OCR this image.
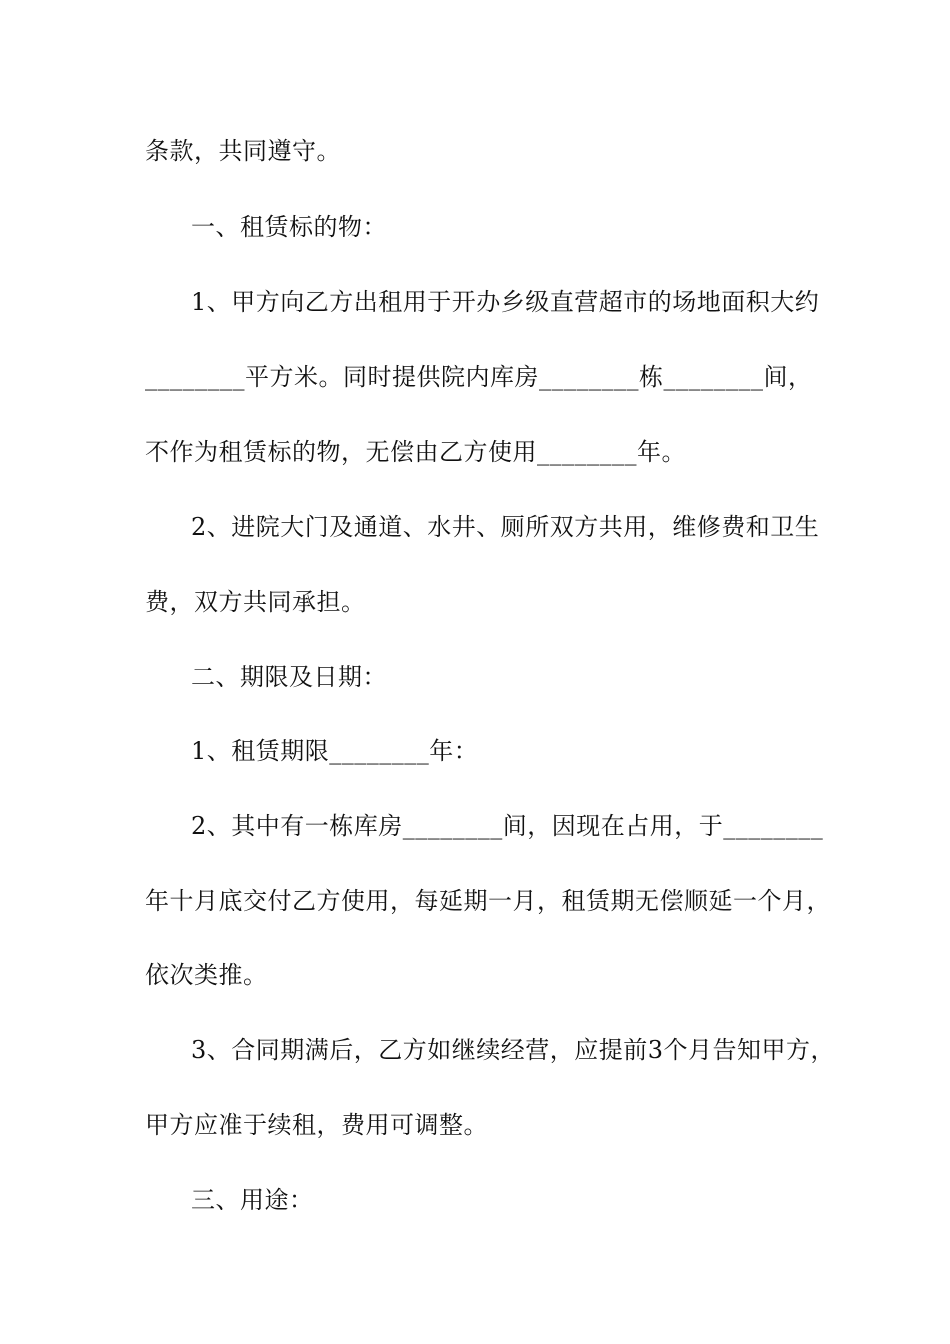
条款，共同遵守。
一、租赁标的物：
1、甲方向乙方出租用于开办乡级直营超市的场地面积大约
________平方米。同时提供院内库房________栋________间，
不作为租赁标的物，无偿由乙方使用________年。
2、进院大门及通道、水井、厕所双方共用，维修费和卫生
费，双方共同承担。
二、期限及日期：
1、租赁期限________年：
2、其中有一栋库房________间，因现在占用，于________
年十月底交付乙方使用，每延期一月，租赁期无偿顺延一个月，
依次类推。
3、合同期满后，乙方如继续经营，应提前3个月告知甲方，
甲方应准于续租，费用可调整。
三、用途：
